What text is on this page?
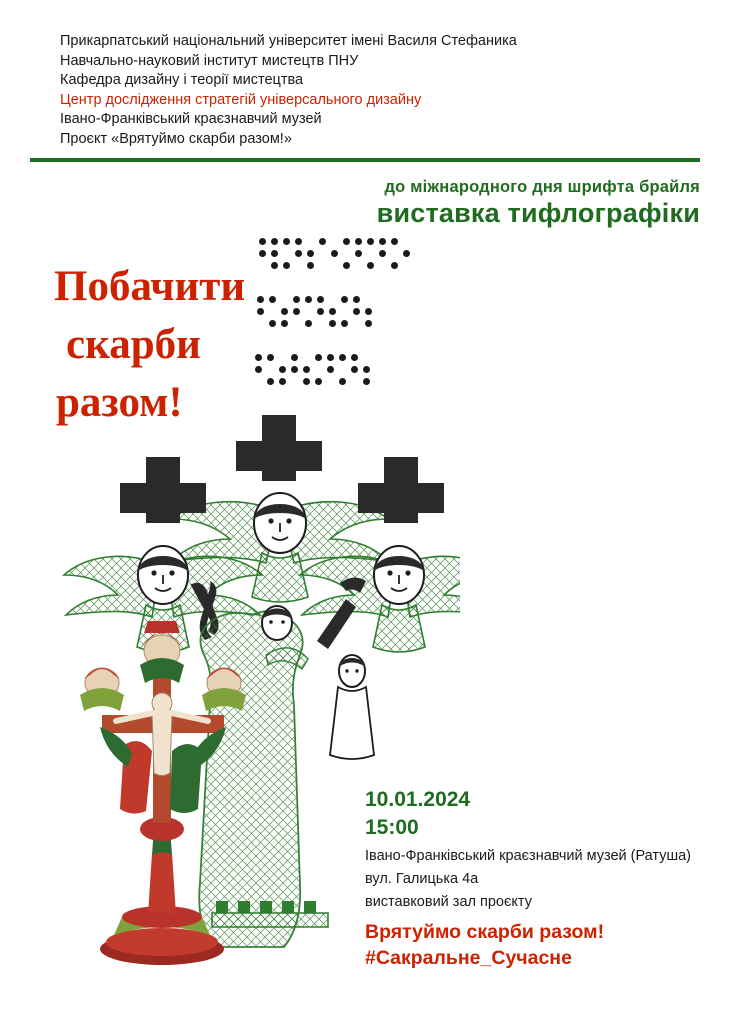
Прикарпатський національний університет імені Василя Стефаника
Навчально-науковий інститут мистецтв ПНУ
Кафедра дизайну і теорії мистецтва
Центр дослідження стратегій універсального дизайну
Івано-Франківський краєзнавчий музей
Проєкт «Врятуймо скарби разом!»
до міжнародного дня шрифта брайля
виставка тифлографіки
Побачити
скарби
разом!
10.01.2024
15:00
Івано-Франківський краєзнавчий музей (Ратуша)
вул. Галицька 4а
виставковий зал проєкту
Врятуймо скарби разом!
#Сакральне_Сучасне
